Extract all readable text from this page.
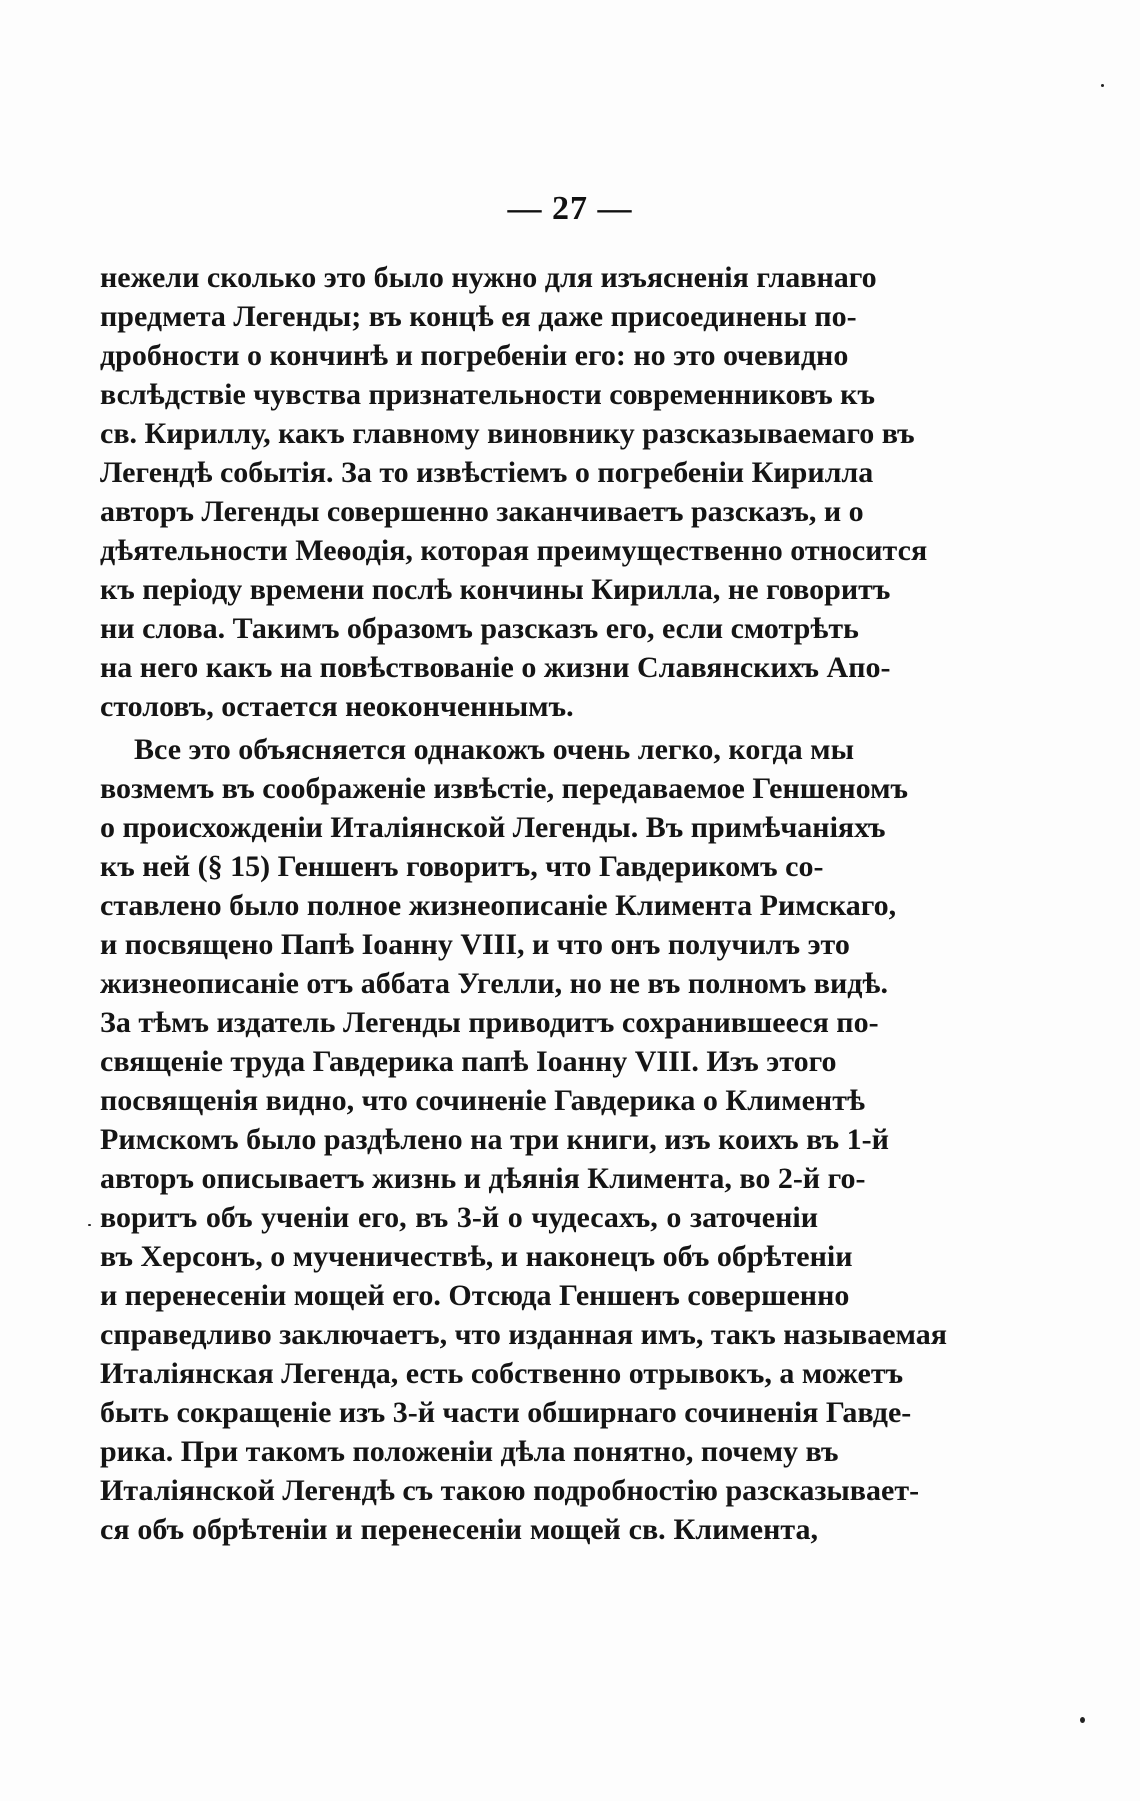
— 27 —
нежели сколько это было нужно для изъясненія главнаго
предмета Легенды; въ концѣ ея даже присоединены по-
дробности о кончинѣ и погребеніи его: но это очевидно
вслѣдствіе чувства признательности современниковъ къ
св. Кириллу, какъ главному виновнику разсказываемаго въ
Легендѣ событія. За то извѣстіемъ о погребеніи Кирилла
авторъ Легенды совершенно заканчиваетъ разсказъ, и о
дѣятельности Меѳодія, которая преимущественно относится
къ періоду времени послѣ кончины Кирилла, не говоритъ
ни слова. Такимъ образомъ разсказъ его, если смотрѣть
на него какъ на повѣствованіе о жизни Славянскихъ Апо-
столовъ, остается неоконченнымъ.
Все это объясняется однакожъ очень легко, когда мы
возмемъ въ соображеніе извѣстіе, передаваемое Геншеномъ
о происхожденіи Италіянской Легенды. Въ примѣчаніяхъ
къ ней (§ 15) Геншенъ говоритъ, что Гавдерикомъ со-
ставлено было полное жизнеописаніе Климента Римскаго,
и посвящено Папѣ Іоанну VIII, и что онъ получилъ это
жизнеописаніе отъ аббата Угелли, но не въ полномъ видѣ.
За тѣмъ издатель Легенды приводитъ сохранившееся по-
священіе труда Гавдерика папѣ Іоанну VIII. Изъ этого
посвященія видно, что сочиненіе Гавдерика о Климентѣ
Римскомъ было раздѣлено на три книги, изъ коихъ въ 1-й
авторъ описываетъ жизнь и дѣянія Климента, во 2-й го-
воритъ объ ученіи его, въ 3-й о чудесахъ, о заточеніи
въ Херсонъ, о мученичествѣ, и наконецъ объ обрѣтеніи
и перенесеніи мощей его. Отсюда Геншенъ совершенно
справедливо заключаетъ, что изданная имъ, такъ называемая
Италіянская Легенда, есть собственно отрывокъ, а можетъ
быть сокращеніе изъ 3-й части обширнаго сочиненія Гавде-
рика. При такомъ положеніи дѣла понятно, почему въ
Италіянской Легендѣ съ такою подробностію разсказывает-
ся объ обрѣтеніи и перенесеніи мощей св. Климента,
